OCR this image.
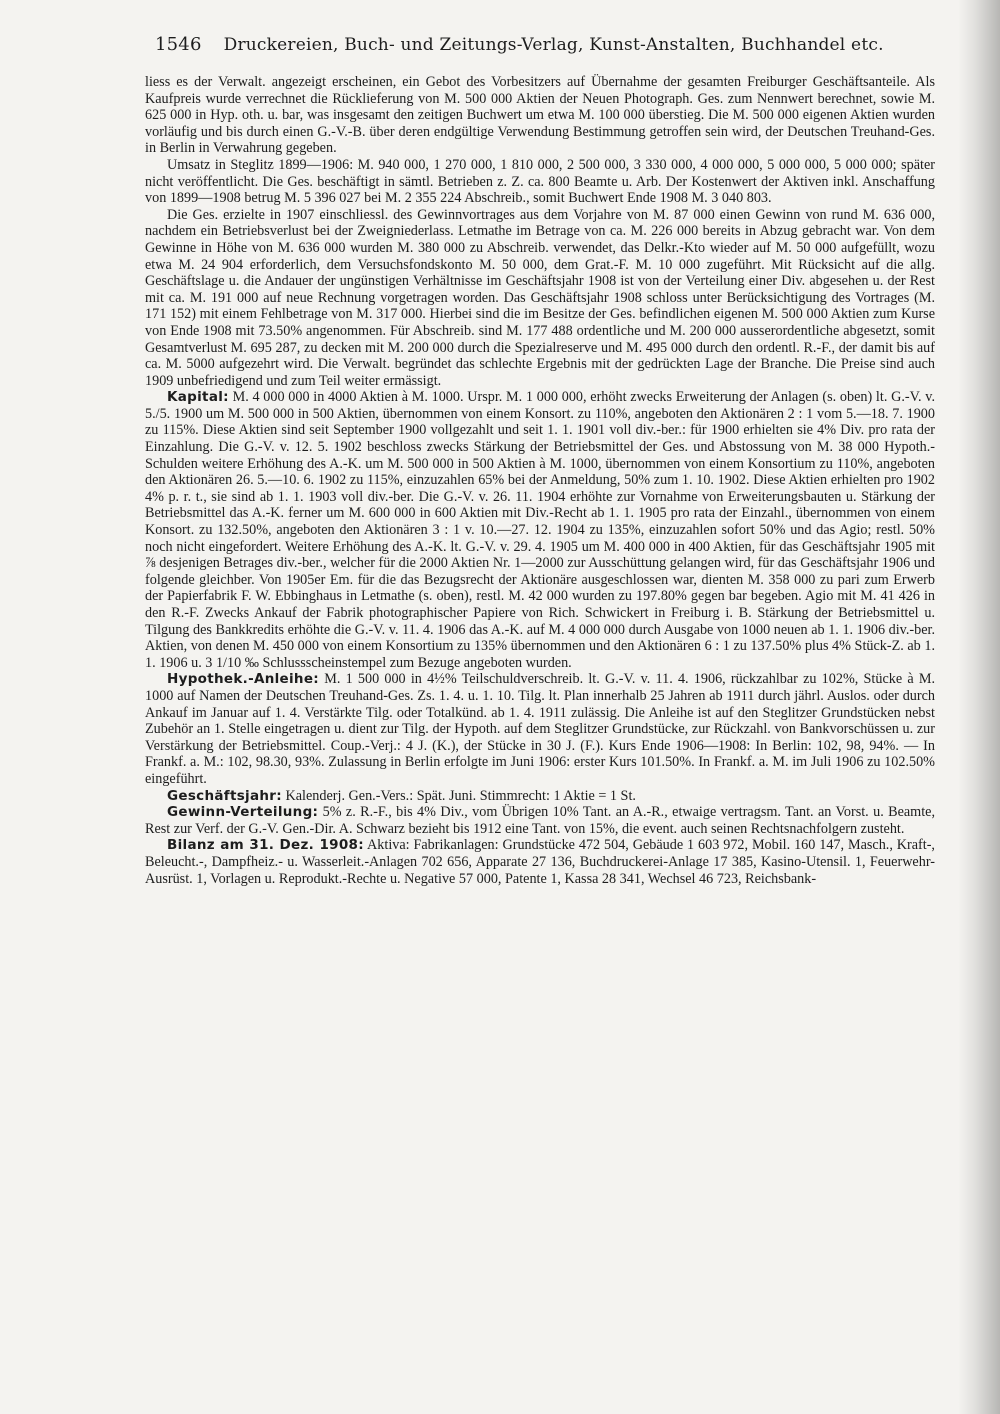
1546 Druckereien, Buch- und Zeitungs-Verlag, Kunst-Anstalten, Buchhandel etc.

liess es der Verwalt. angezeigt erscheinen, ein Gebot des Vorbesitzers auf Übernahme der gesamten Freiburger Geschäftsanteile. Als Kaufpreis wurde verrechnet die Rücklieferung von M. 500 000 Aktien der Neuen Photograph. Ges. zum Nennwert berechnet, sowie M. 625 000 in Hyp. oth. u. bar, was insgesamt den zeitigen Buchwert um etwa M. 100 000 überstieg. Die M. 500 000 eigenen Aktien wurden vorläufig und bis durch einen G.-V.-B. über deren endgültige Verwendung Bestimmung getroffen sein wird, der Deutschen Treuhand-Ges. in Berlin in Verwahrung gegeben.

Umsatz in Steglitz 1899—1906: M. 940 000, 1 270 000, 1 810 000, 2 500 000, 3 330 000, 4 000 000, 5 000 000, 5 000 000; später nicht veröffentlicht. Die Ges. beschäftigt in sämtl. Betrieben z. Z. ca. 800 Beamte u. Arb. Der Kostenwert der Aktiven inkl. Anschaffung von 1899—1908 betrug M. 5 396 027 bei M. 2 355 224 Abschreib., somit Buchwert Ende 1908 M. 3 040 803.

Die Ges. erzielte in 1907 einschliessl. des Gewinnvortrages aus dem Vorjahre von M. 87 000 einen Gewinn von rund M. 636 000, nachdem ein Betriebsverlust bei der Zweigniederlass. Letmathe im Betrage von ca. M. 226 000 bereits in Abzug gebracht war. Von dem Gewinne in Höhe von M. 636 000 wurden M. 380 000 zu Abschreib. verwendet, das Delkr.-Kto wieder auf M. 50 000 aufgefüllt, wozu etwa M. 24 904 erforderlich, dem Versuchsfondskonto M. 50 000, dem Grat.-F. M. 10 000 zugeführt. Mit Rücksicht auf die allg. Geschäftslage u. die Andauer der ungünstigen Verhältnisse im Geschäftsjahr 1908 ist von der Verteilung einer Div. abgesehen u. der Rest mit ca. M. 191 000 auf neue Rechnung vorgetragen worden. Das Geschäftsjahr 1908 schloss unter Berücksichtigung des Vortrages (M. 171 152) mit einem Fehlbetrage von M. 317 000. Hierbei sind die im Besitze der Ges. befindlichen eigenen M. 500 000 Aktien zum Kurse von Ende 1908 mit 73.50% angenommen. Für Abschreib. sind M. 177 488 ordentliche und M. 200 000 ausserordentliche abgesetzt, somit Gesamtverlust M. 695 287, zu decken mit M. 200 000 durch die Spezialreserve und M. 495 000 durch den ordentl. R.-F., der damit bis auf ca. M. 5000 aufgezehrt wird. Die Verwalt. begründet das schlechte Ergebnis mit der gedrückten Lage der Branche. Die Preise sind auch 1909 unbefriedigend und zum Teil weiter ermässigt.

Kapital: M. 4 000 000 in 4000 Aktien à M. 1000. Urspr. M. 1 000 000, erhöht zwecks Erweiterung der Anlagen (s. oben) lt. G.-V. v. 5./5. 1900 um M. 500 000 in 500 Aktien, übernommen von einem Konsort. zu 110%, angeboten den Aktionären 2 : 1 vom 5.—18. 7. 1900 zu 115%. Diese Aktien sind seit September 1900 vollgezahlt und seit 1. 1. 1901 voll div.-ber.: für 1900 erhielten sie 4% Div. pro rata der Einzahlung. Die G.-V. v. 12. 5. 1902 beschloss zwecks Stärkung der Betriebsmittel der Ges. und Abstossung von M. 38 000 Hypoth.-Schulden weitere Erhöhung des A.-K. um M. 500 000 in 500 Aktien à M. 1000, übernommen von einem Konsortium zu 110%, angeboten den Aktionären 26. 5.—10. 6. 1902 zu 115%, einzuzahlen 65% bei der Anmeldung, 50% zum 1. 10. 1902. Diese Aktien erhielten pro 1902 4% p. r. t., sie sind ab 1. 1. 1903 voll div.-ber. Die G.-V. v. 26. 11. 1904 erhöhte zur Vornahme von Erweiterungsbauten u. Stärkung der Betriebsmittel das A.-K. ferner um M. 600 000 in 600 Aktien mit Div.-Recht ab 1. 1. 1905 pro rata der Einzahl., übernommen von einem Konsort. zu 132.50%, angeboten den Aktionären 3 : 1 v. 10.—27. 12. 1904 zu 135%, einzuzahlen sofort 50% und das Agio; restl. 50% noch nicht eingefordert. Weitere Erhöhung des A.-K. lt. G.-V. v. 29. 4. 1905 um M. 400 000 in 400 Aktien, für das Geschäftsjahr 1905 mit ⅞ desjenigen Betrages div.-ber., welcher für die 2000 Aktien Nr. 1—2000 zur Ausschüttung gelangen wird, für das Geschäftsjahr 1906 und folgende gleichber. Von 1905er Em. für die das Bezugsrecht der Aktionäre ausgeschlossen war, dienten M. 358 000 zu pari zum Erwerb der Papierfabrik F. W. Ebbinghaus in Letmathe (s. oben), restl. M. 42 000 wurden zu 197.80% gegen bar begeben. Agio mit M. 41 426 in den R.-F. Zwecks Ankauf der Fabrik photographischer Papiere von Rich. Schwickert in Freiburg i. B. Stärkung der Betriebsmittel u. Tilgung des Bankkredits erhöhte die G.-V. v. 11. 4. 1906 das A.-K. auf M. 4 000 000 durch Ausgabe von 1000 neuen ab 1. 1. 1906 div.-ber. Aktien, von denen M. 450 000 von einem Konsortium zu 135% übernommen und den Aktionären 6 : 1 zu 137.50% plus 4% Stück-Z. ab 1. 1. 1906 u. 3 1/10 ‰ Schlussscheinstempel zum Bezuge angeboten wurden.

Hypothek.-Anleihe: M. 1 500 000 in 4½% Teilschuldverschreib. lt. G.-V. v. 11. 4. 1906, rückzahlbar zu 102%, Stücke à M. 1000 auf Namen der Deutschen Treuhand-Ges. Zs. 1. 4. u. 1. 10. Tilg. lt. Plan innerhalb 25 Jahren ab 1911 durch jährl. Auslos. oder durch Ankauf im Januar auf 1. 4. Verstärkte Tilg. oder Totalkünd. ab 1. 4. 1911 zulässig. Die Anleihe ist auf den Steglitzer Grundstücken nebst Zubehör an 1. Stelle eingetragen u. dient zur Tilg. der Hypoth. auf dem Steglitzer Grundstücke, zur Rückzahl. von Bankvorschüssen u. zur Verstärkung der Betriebsmittel. Coup.-Verj.: 4 J. (K.), der Stücke in 30 J. (F.). Kurs Ende 1906—1908: In Berlin: 102, 98, 94%. — In Frankf. a. M.: 102, 98.30, 93%. Zulassung in Berlin erfolgte im Juni 1906: erster Kurs 101.50%. In Frankf. a. M. im Juli 1906 zu 102.50% eingeführt.

Geschäftsjahr: Kalenderj. Gen.-Vers.: Spät. Juni. Stimmrecht: 1 Aktie = 1 St.

Gewinn-Verteilung: 5% z. R.-F., bis 4% Div., vom Übrigen 10% Tant. an A.-R., etwaige vertragsm. Tant. an Vorst. u. Beamte, Rest zur Verf. der G.-V. Gen.-Dir. A. Schwarz bezieht bis 1912 eine Tant. von 15%, die event. auch seinen Rechtsnachfolgern zusteht.

Bilanz am 31. Dez. 1908: Aktiva: Fabrikanlagen: Grundstücke 472 504, Gebäude 1 603 972, Mobil. 160 147, Masch., Kraft-, Beleucht.-, Dampfheiz.- u. Wasserleit.-Anlagen 702 656, Apparate 27 136, Buchdruckerei-Anlage 17 385, Kasino-Utensil. 1, Feuerwehr-Ausrüst. 1, Vorlagen u. Reprodukt.-Rechte u. Negative 57 000, Patente 1, Kassa 28 341, Wechsel 46 723, Reichsbank-
